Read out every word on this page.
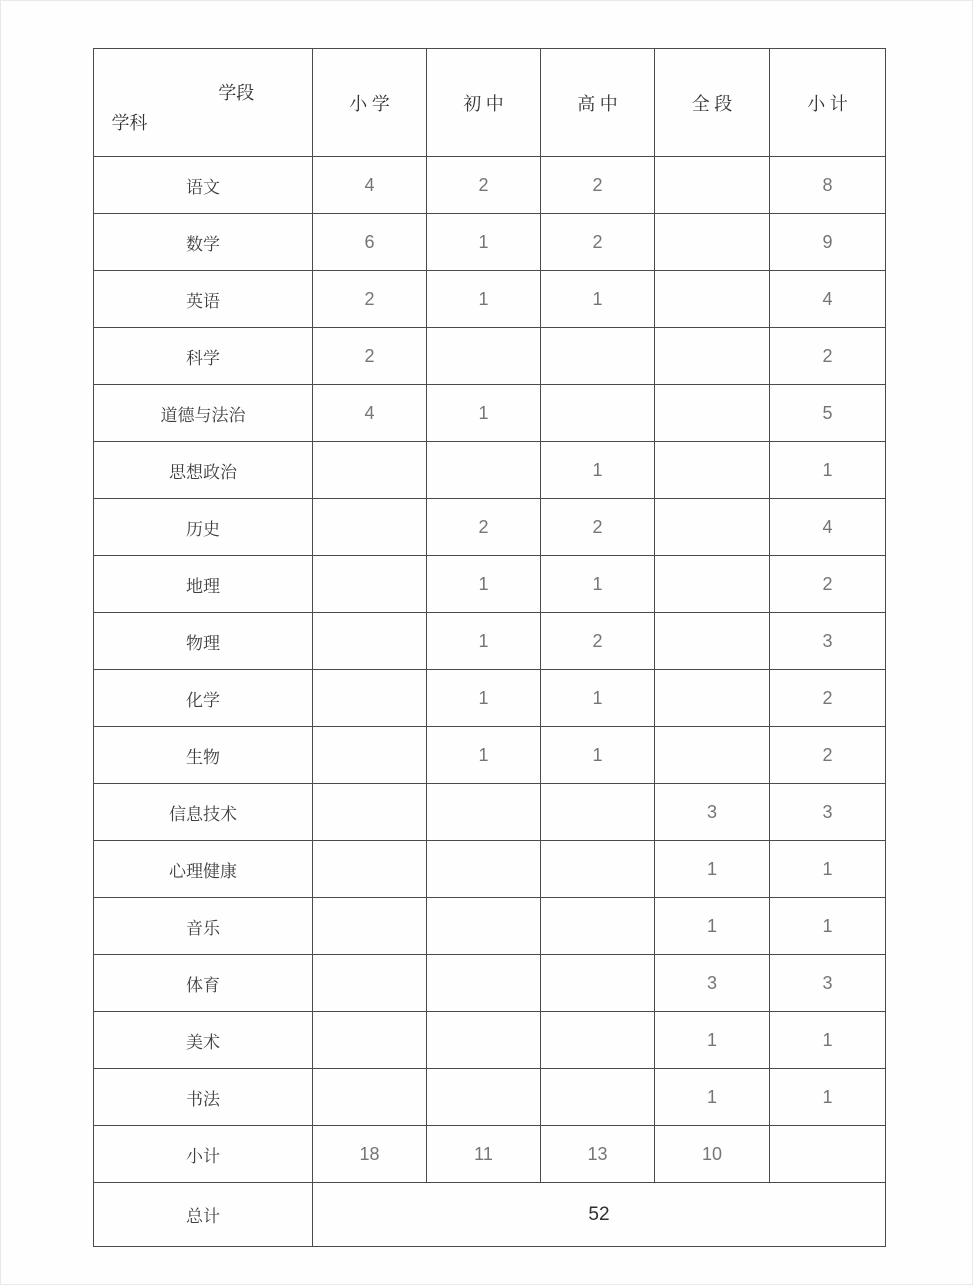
学段
学科	小 学	初 中	高 中	全 段	小 计
语文	4	2	2		8
数学	6	1	2		9
英语	2	1	1		4
科学	2				2
道德与法治	4	1			5
思想政治			1		1
历史		2	2		4
地理		1	1		2
物理		1	2		3
化学		1	1		2
生物		1	1		2
信息技术				3	3
心理健康				1	1
音乐				1	1
体育				3	3
美术				1	1
书法				1	1
小计	18	11	13	10	
总计	52				
